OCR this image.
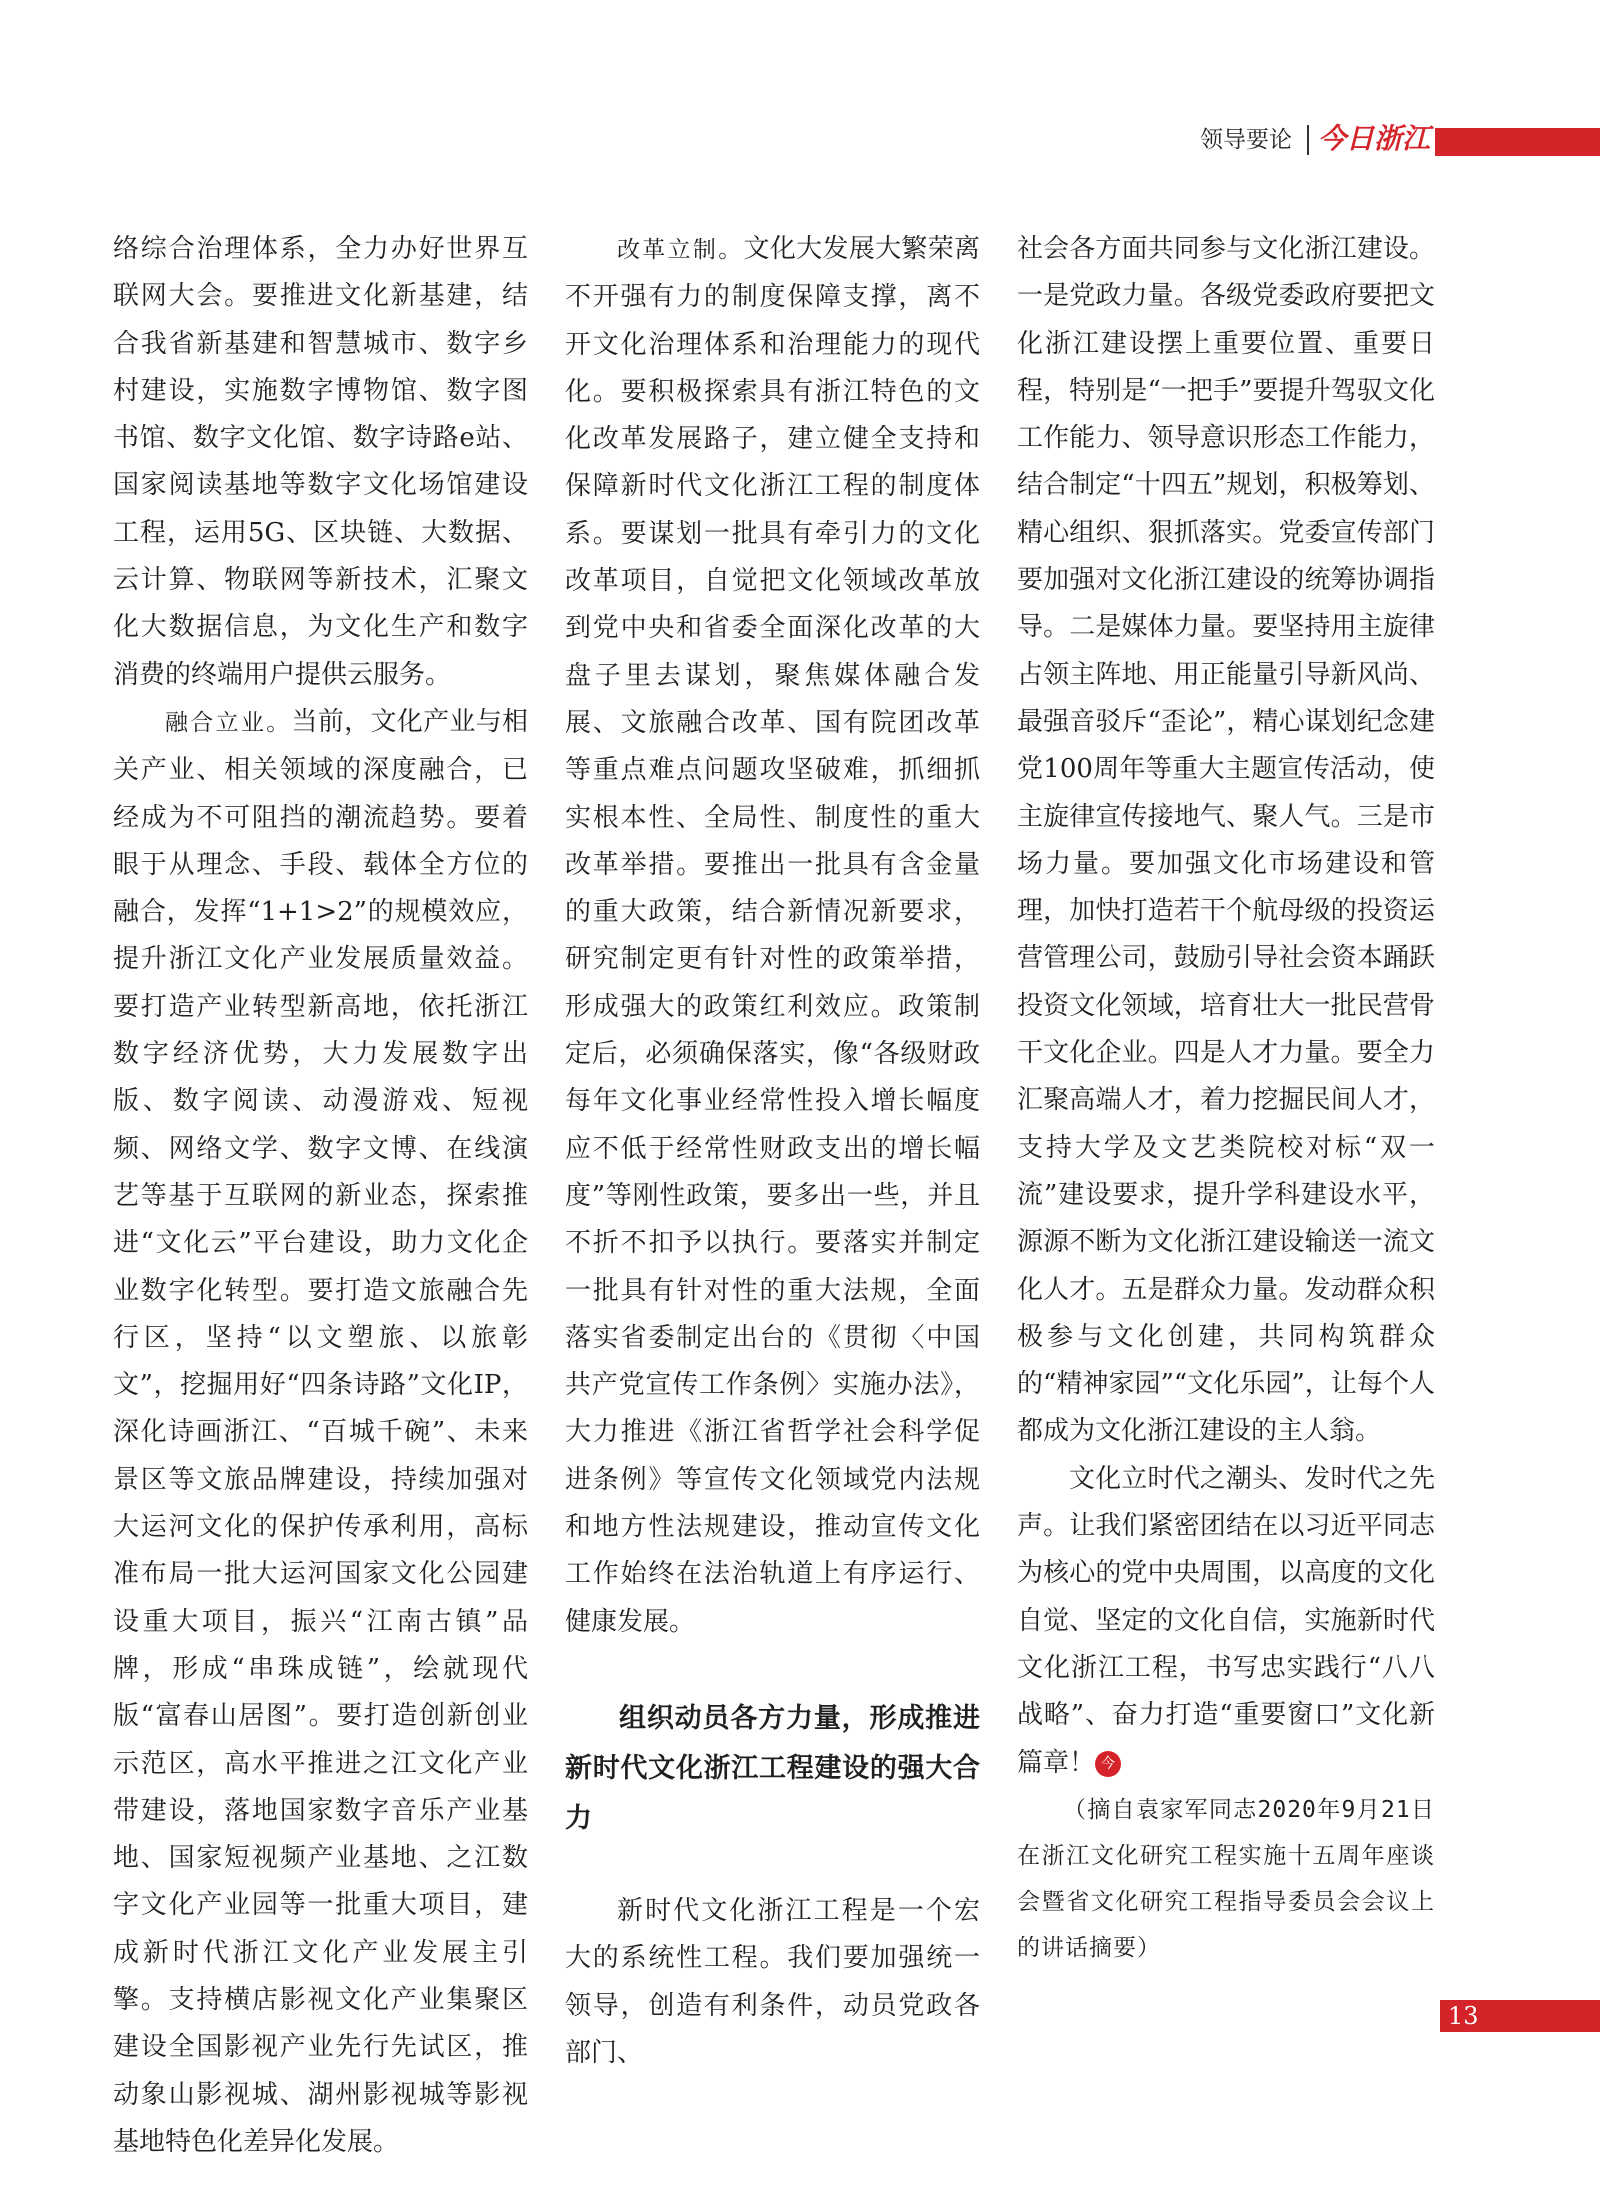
领导要论 今日浙江

络综合治理体系，全力办好世界互联网大会。要推进文化新基建，结合我省新基建和智慧城市、数字乡村建设，实施数字博物馆、数字图书馆、数字文化馆、数字诗路e站、国家阅读基地等数字文化场馆建设工程，运用5G、区块链、大数据、云计算、物联网等新技术，汇聚文化大数据信息，为文化生产和数字消费的终端用户提供云服务。

融合立业。当前，文化产业与相关产业、相关领域的深度融合，已经成为不可阻挡的潮流趋势。要着眼于从理念、手段、载体全方位的融合，发挥“1+1>2”的规模效应，提升浙江文化产业发展质量效益。要打造产业转型新高地，依托浙江数字经济优势，大力发展数字出版、数字阅读、动漫游戏、短视频、网络文学、数字文博、在线演艺等基于互联网的新业态，探索推进“文化云”平台建设，助力文化企业数字化转型。要打造文旅融合先行区，坚持“以文塑旅、以旅彰文”，挖掘用好“四条诗路”文化IP，深化诗画浙江、“百城千碗”、未来景区等文旅品牌建设，持续加强对大运河文化的保护传承利用，高标准布局一批大运河国家文化公园建设重大项目，振兴“江南古镇”品牌，形成“串珠成链”，绘就现代版“富春山居图”。要打造创新创业示范区，高水平推进之江文化产业带建设，落地国家数字音乐产业基地、国家短视频产业基地、之江数字文化产业园等一批重大项目，建成新时代浙江文化产业发展主引擎。支持横店影视文化产业集聚区建设全国影视产业先行先试区，推动象山影视城、湖州影视城等影视基地特色化差异化发展。

改革立制。文化大发展大繁荣离不开强有力的制度保障支撑，离不开文化治理体系和治理能力的现代化。要积极探索具有浙江特色的文化改革发展路子，建立健全支持和保障新时代文化浙江工程的制度体系。要谋划一批具有牵引力的文化改革项目，自觉把文化领域改革放到党中央和省委全面深化改革的大盘子里去谋划，聚焦媒体融合发展、文旅融合改革、国有院团改革等重点难点问题攻坚破难，抓细抓实根本性、全局性、制度性的重大改革举措。要推出一批具有含金量的重大政策，结合新情况新要求，研究制定更有针对性的政策举措，形成强大的政策红利效应。政策制定后，必须确保落实，像“各级财政每年文化事业经常性投入增长幅度应不低于经常性财政支出的增长幅度”等刚性政策，要多出一些，并且不折不扣予以执行。要落实并制定一批具有针对性的重大法规，全面落实省委制定出台的《贯彻〈中国共产党宣传工作条例〉实施办法》，大力推进《浙江省哲学社会科学促进条例》等宣传文化领域党内法规和地方性法规建设，推动宣传文化工作始终在法治轨道上有序运行、健康发展。

组织动员各方力量，形成推进新时代文化浙江工程建设的强大合力

新时代文化浙江工程是一个宏大的系统性工程。我们要加强统一领导，创造有利条件，动员党政各部门、

社会各方面共同参与文化浙江建设。一是党政力量。各级党委政府要把文化浙江建设摆上重要位置、重要日程，特别是“一把手”要提升驾驭文化工作能力、领导意识形态工作能力，结合制定“十四五”规划，积极筹划、精心组织、狠抓落实。党委宣传部门要加强对文化浙江建设的统筹协调指导。二是媒体力量。要坚持用主旋律占领主阵地、用正能量引导新风尚、最强音驳斥“歪论”，精心谋划纪念建党100周年等重大主题宣传活动，使主旋律宣传接地气、聚人气。三是市场力量。要加强文化市场建设和管理，加快打造若干个航母级的投资运营管理公司，鼓励引导社会资本踊跃投资文化领域，培育壮大一批民营骨干文化企业。四是人才力量。要全力汇聚高端人才，着力挖掘民间人才，支持大学及文艺类院校对标“双一流”建设要求，提升学科建设水平，源源不断为文化浙江建设输送一流文化人才。五是群众力量。发动群众积极参与文化创建，共同构筑群众的“精神家园”“文化乐园”，让每个人都成为文化浙江建设的主人翁。

文化立时代之潮头、发时代之先声。让我们紧密团结在以习近平同志为核心的党中央周围，以高度的文化自觉、坚定的文化自信，实施新时代文化浙江工程，书写忠实践行“八八战略”、奋力打造“重要窗口”文化新篇章！ 今

（摘自袁家军同志2020年9月21日在浙江文化研究工程实施十五周年座谈会暨省文化研究工程指导委员会会议上的讲话摘要）

13
